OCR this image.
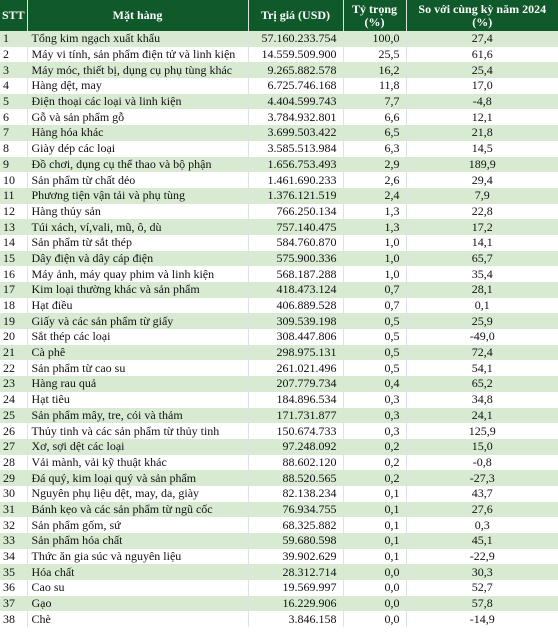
STT	Mặt hàng	Trị giá (USD)	Tỷ trọng (%)	So với cùng kỳ năm 2024 (%)
1	Tổng kim ngạch xuất khẩu	57.160.233.754	100,0	27,4
2	Máy vi tính, sản phẩm điện tử và linh kiện	14.559.509.900	25,5	61,6
3	Máy móc, thiết bị, dụng cụ phụ tùng khác	9.265.882.578	16,2	25,4
4	Hàng dệt, may	6.725.746.168	11,8	17,0
5	Điện thoại các loại và linh kiện	4.404.599.743	7,7	-4,8
6	Gỗ và sản phẩm gỗ	3.784.932.801	6,6	12,1
7	Hàng hóa khác	3.699.503.422	6,5	21,8
8	Giày dép các loại	3.585.513.984	6,3	14,5
9	Đồ chơi, dụng cụ thể thao và bộ phận	1.656.753.493	2,9	189,9
10	Sản phẩm từ chất dẻo	1.461.690.233	2,6	29,4
11	Phương tiện vận tải và phụ tùng	1.376.121.519	2,4	7,9
12	Hàng thủy sản	766.250.134	1,3	22,8
13	Túi xách, ví,vali, mũ, ô, dù	757.140.475	1,3	17,2
14	Sản phẩm từ sắt thép	584.760.870	1,0	14,1
15	Dây điện và dây cáp điện	575.900.336	1,0	65,7
16	Máy ảnh, máy quay phim và linh kiện	568.187.288	1,0	35,4
17	Kim loại thường khác và sản phẩm	418.473.124	0,7	28,1
18	Hạt điều	406.889.528	0,7	0,1
19	Giấy và các sản phẩm từ giấy	309.539.198	0,5	25,9
20	Sắt thép các loại	308.447.806	0,5	-49,0
21	Cà phê	298.975.131	0,5	72,4
22	Sản phẩm từ cao su	261.021.496	0,5	54,1
23	Hàng rau quả	207.779.734	0,4	65,2
24	Hạt tiêu	184.896.534	0,3	34,8
25	Sản phẩm mây, tre, cói và thảm	171.731.877	0,3	24,1
26	Thủy tinh và các sản phẩm từ thủy tinh	150.674.733	0,3	125,9
27	Xơ, sợi dệt các loại	97.248.092	0,2	15,0
28	Vải mành, vải kỹ thuật khác	88.602.120	0,2	-0,8
29	Đá quý, kim loại quý và sản phẩm	88.520.565	0,2	-27,3
30	Nguyên phụ liệu dệt, may, da, giày	82.138.234	0,1	43,7
31	Bánh kẹo và các sản phẩm từ ngũ cốc	76.934.755	0,1	27,6
32	Sản phẩm gốm, sứ	68.325.882	0,1	0,3
33	Sản phẩm hóa chất	59.680.598	0,1	45,1
34	Thức ăn gia súc và nguyên liệu	39.902.629	0,1	-22,9
35	Hóa chất	28.312.714	0,0	30,3
36	Cao su	19.569.997	0,0	52,7
37	Gạo	16.229.906	0,0	57,8
38	Chè	3.846.158	0,0	-14,9
